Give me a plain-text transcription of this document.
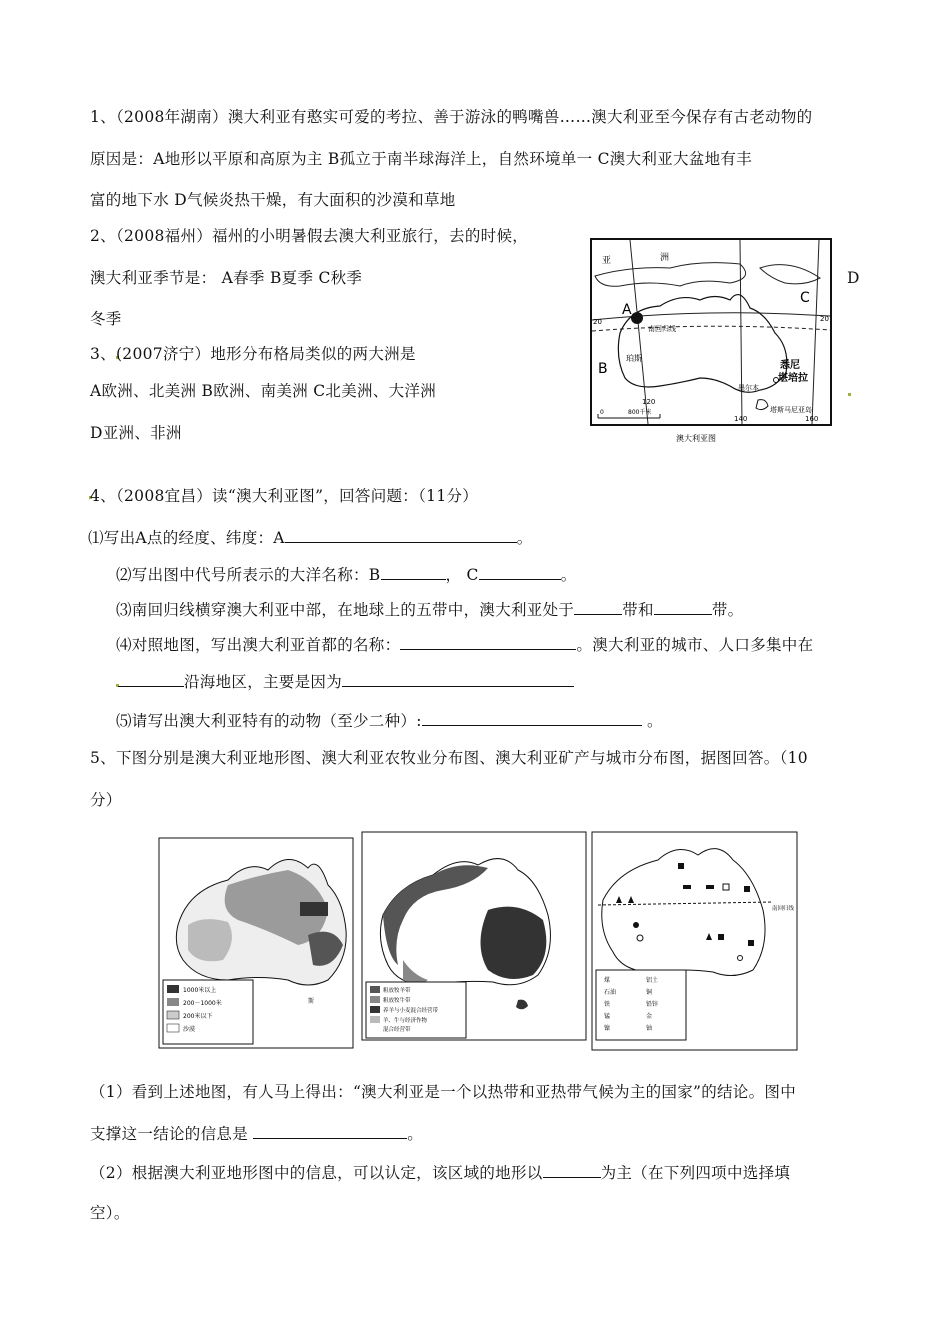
1、（2008年湖南）澳大利亚有憨实可爱的考拉、善于游泳的鸭嘴兽……澳大利亚至今保存有古老动物的
原因是：A地形以平原和高原为主 B孤立于南半球海洋上，自然环境单一 C澳大利亚大盆地有丰
富的地下水 D气候炎热干燥，有大面积的沙漠和草地
2、（2008福州）福州的小明暑假去澳大利亚旅行，去的时候，
澳大利亚季节是： A春季 B夏季 C秋季	D
冬季
3、(2007济宁）地形分布格局类似的两大洲是
A欧洲、北美洲 B欧洲、南美洲 C北美洲、大洋洲
D亚洲、非洲
A
B
C
亚	洲
南回归线
珀斯
悉尼
堪培拉
墨尔本
塔斯马尼亚岛
20	20
120
140	160
0	800千米
澳大利亚图
4、（2008宜昌）读“澳大利亚图”，回答问题：（11分）
⑴写出A点的经度、纬度：A	。
⑵写出图中代号所表示的大洋名称：B	， C	。
⑶南回归线横穿澳大利亚中部，在地球上的五带中，澳大利亚处于	带和	带。
⑷对照地图，写出澳大利亚首都的名称：	。澳大利亚的城市、人口多集中在
沿海地区，主要是因为
⑸请写出澳大利亚特有的动物（至少二种）:	。
5、下图分别是澳大利亚地形图、澳大利亚农牧业分布图、澳大利亚矿产与城市分布图，据图回答。（10
分）
斯
1000米以上
200－1000米
200米以下
沙漠
粗放牧羊带
粗放牧牛带
养羊与小麦混合经营带
羊、牛与经济作物
混合经营带
南回归线
煤
石油
铁
锰
镍
铝土
铜
铅锌
金
铀
（1）看到上述地图，有人马上得出：“澳大利亚是一个以热带和亚热带气候为主的国家”的结论。图中
支撑这一结论的信息是	。
（2）根据澳大利亚地形图中的信息，可以认定，该区域的地形以	为主（在下列四项中选择填
空）。
